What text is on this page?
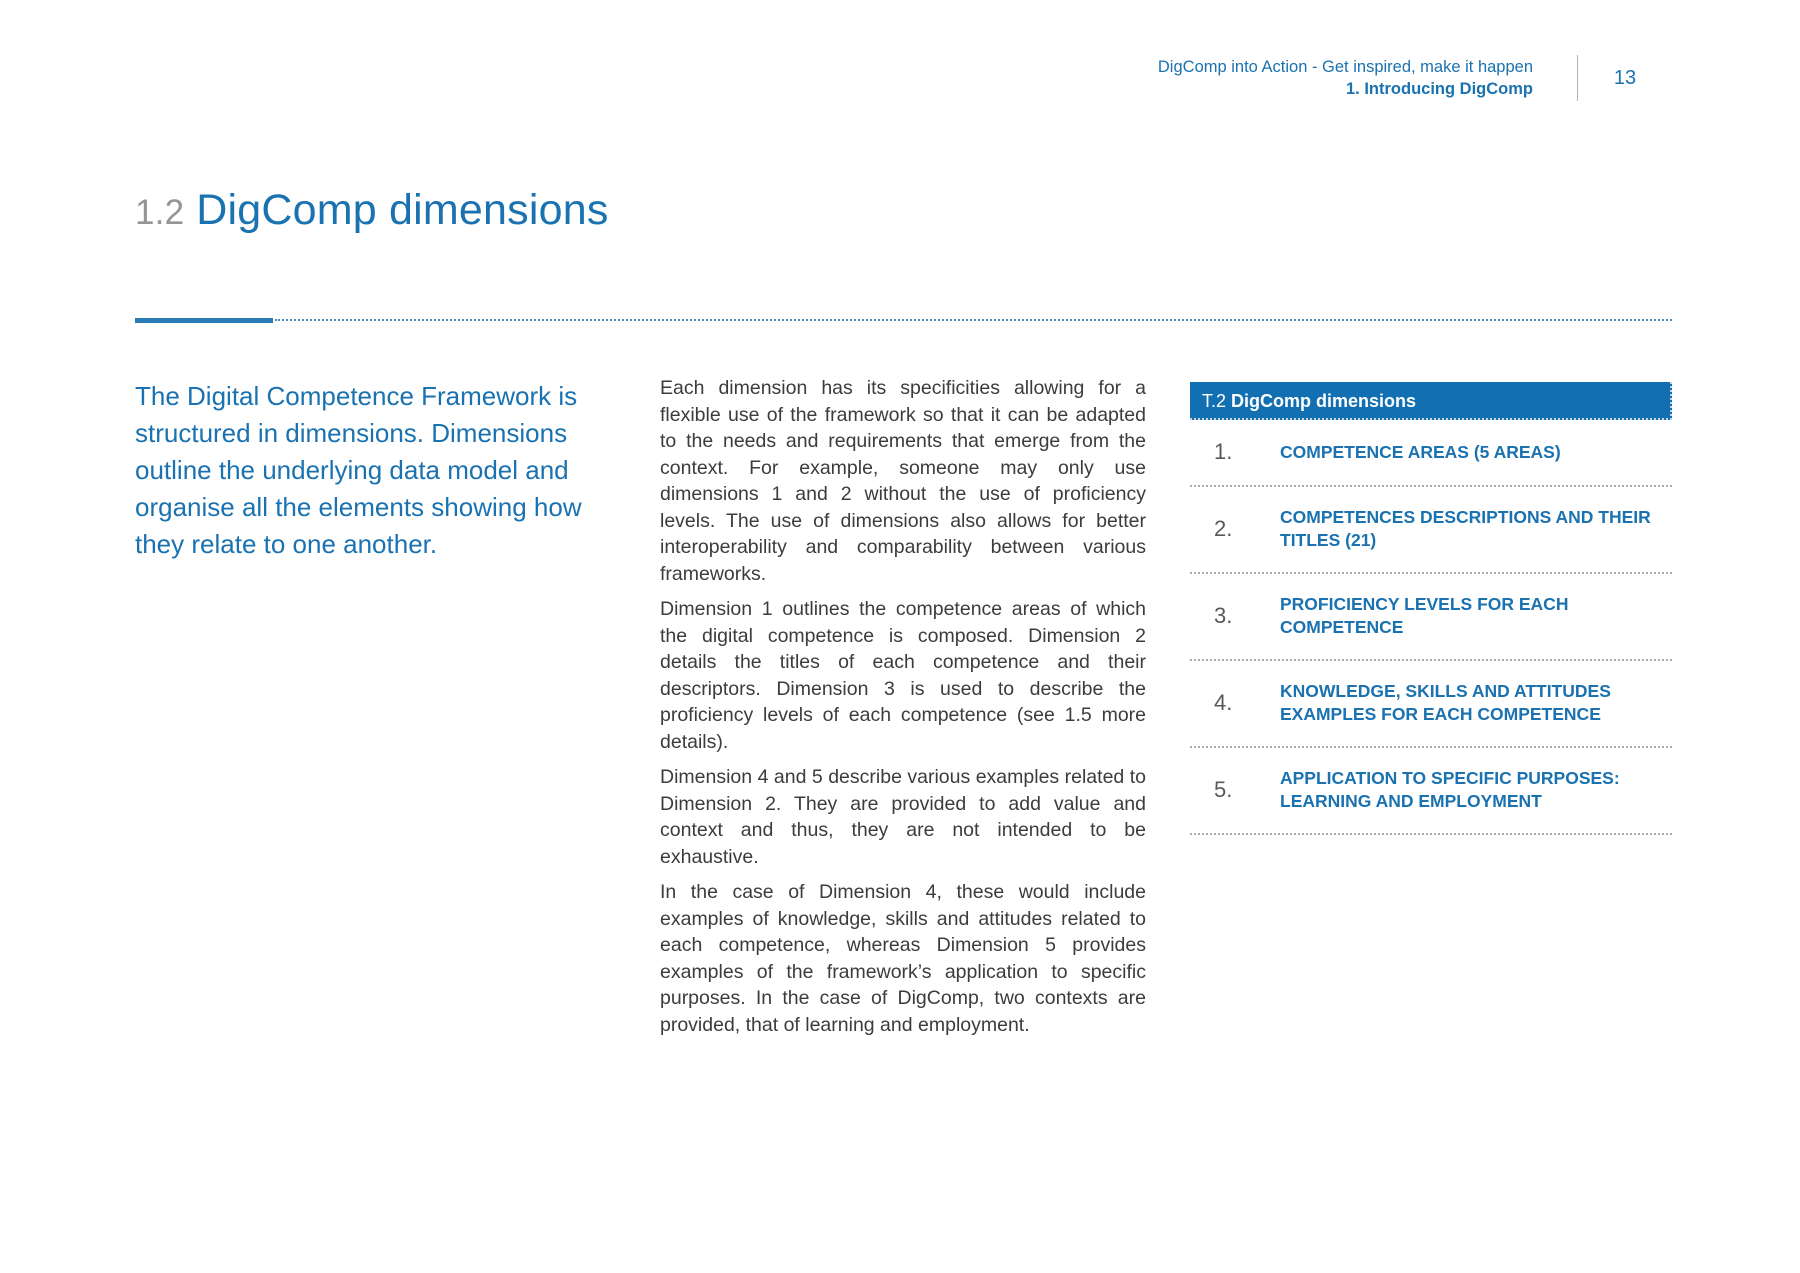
DigComp into Action - Get inspired, make it happen
1. Introducing DigComp
13
1.2 DigComp dimensions

The Digital Competence Framework is structured in dimensions. Dimensions outline the underlying data model and organise all the elements showing how they relate to one another.

Each dimension has its specificities allowing for a flexible use of the framework so that it can be adapted to the needs and requirements that emerge from the context. For example, someone may only use dimensions 1 and 2 without the use of proficiency levels. The use of dimensions also allows for better interoperability and comparability between various frameworks.

Dimension 1 outlines the competence areas of which the digital competence is composed. Dimension 2 details the titles of each competence and their descriptors. Dimension 3 is used to describe the proficiency levels of each competence (see 1.5 more details).

Dimension 4 and 5 describe various examples related to Dimension 2. They are provided to add value and context and thus, they are not intended to be exhaustive.

In the case of Dimension 4, these would include examples of knowledge, skills and attitudes related to each competence, whereas Dimension 5 provides examples of the framework’s application to specific purposes. In the case of DigComp, two contexts are provided, that of learning and employment.

T.2 DigComp dimensions
1.	COMPETENCE AREAS (5 AREAS)
2.	COMPETENCES DESCRIPTIONS AND THEIR TITLES (21)
3.	PROFICIENCY LEVELS FOR EACH COMPETENCE
4.	KNOWLEDGE, SKILLS AND ATTITUDES EXAMPLES FOR EACH COMPETENCE
5.	APPLICATION TO SPECIFIC PURPOSES: LEARNING AND EMPLOYMENT
